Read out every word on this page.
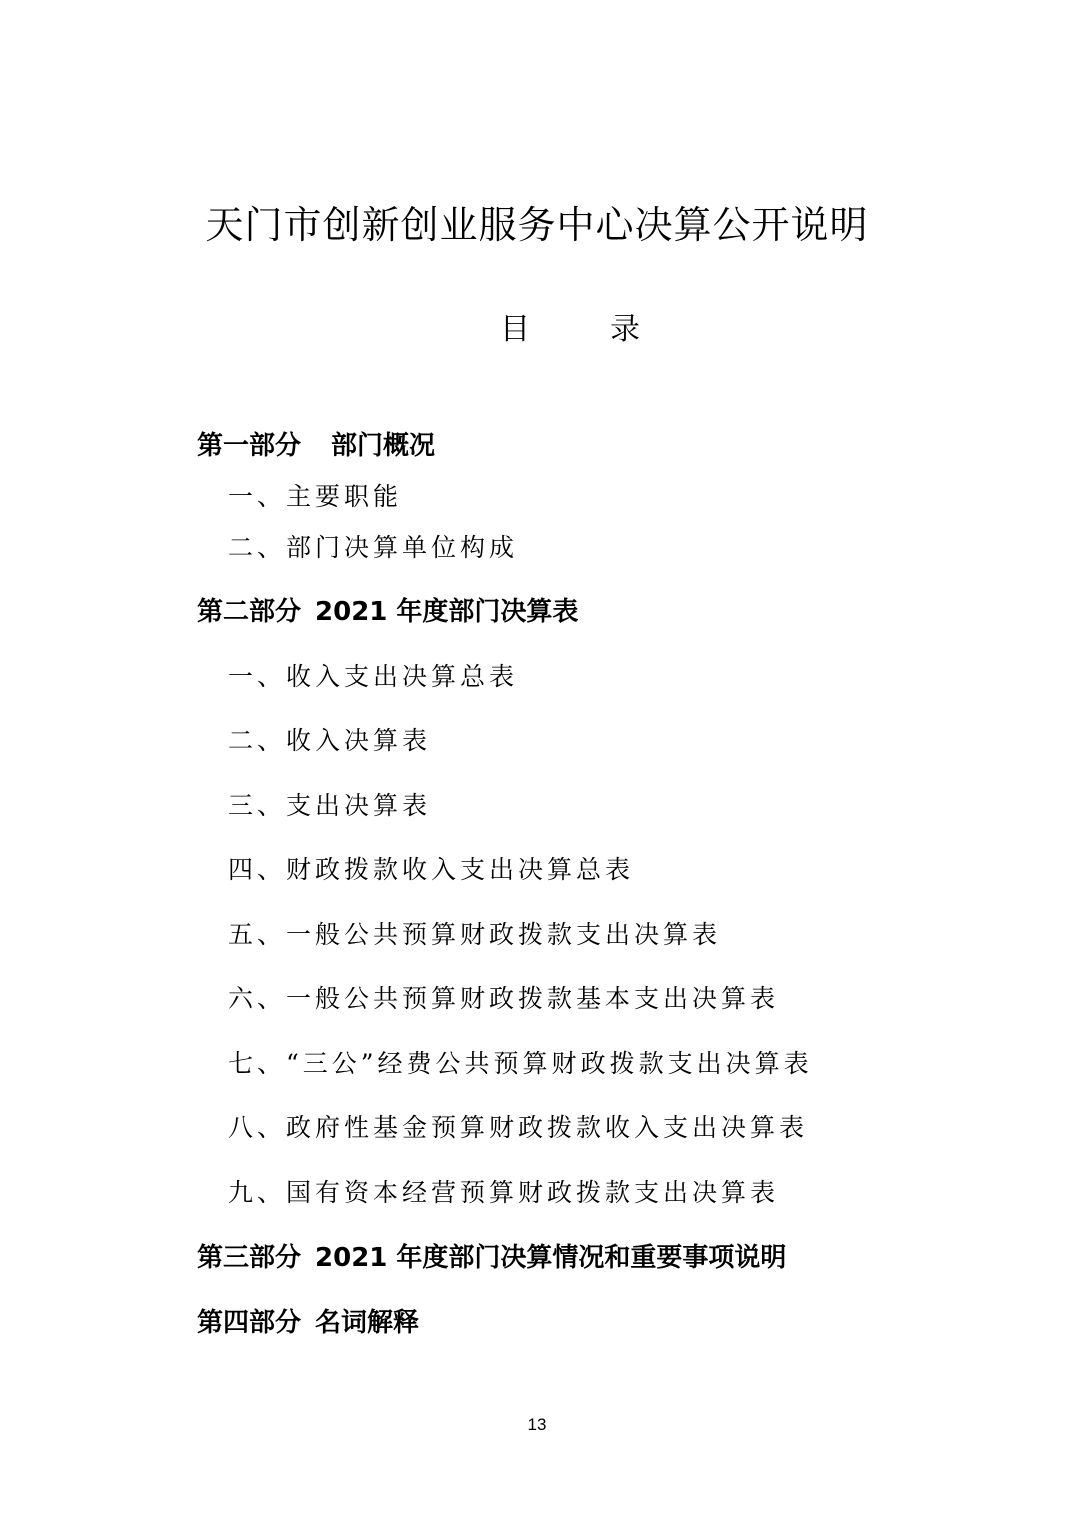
天门市创新创业服务中心决算公开说明
目	录

第一部分 部门概况

一、主要职能

二、部门决算单位构成

第二部分 2021 年度部门决算表

一、收入支出决算总表

二、收入决算表

三、支出决算表

四、财政拨款收入支出决算总表

五、一般公共预算财政拨款支出决算表

六、一般公共预算财政拨款基本支出决算表

七、“三公”经费公共预算财政拨款支出决算表

八、政府性基金预算财政拨款收入支出决算表

九、国有资本经营预算财政拨款支出决算表

第三部分 2021 年度部门决算情况和重要事项说明

第四部分 名词解释

13
